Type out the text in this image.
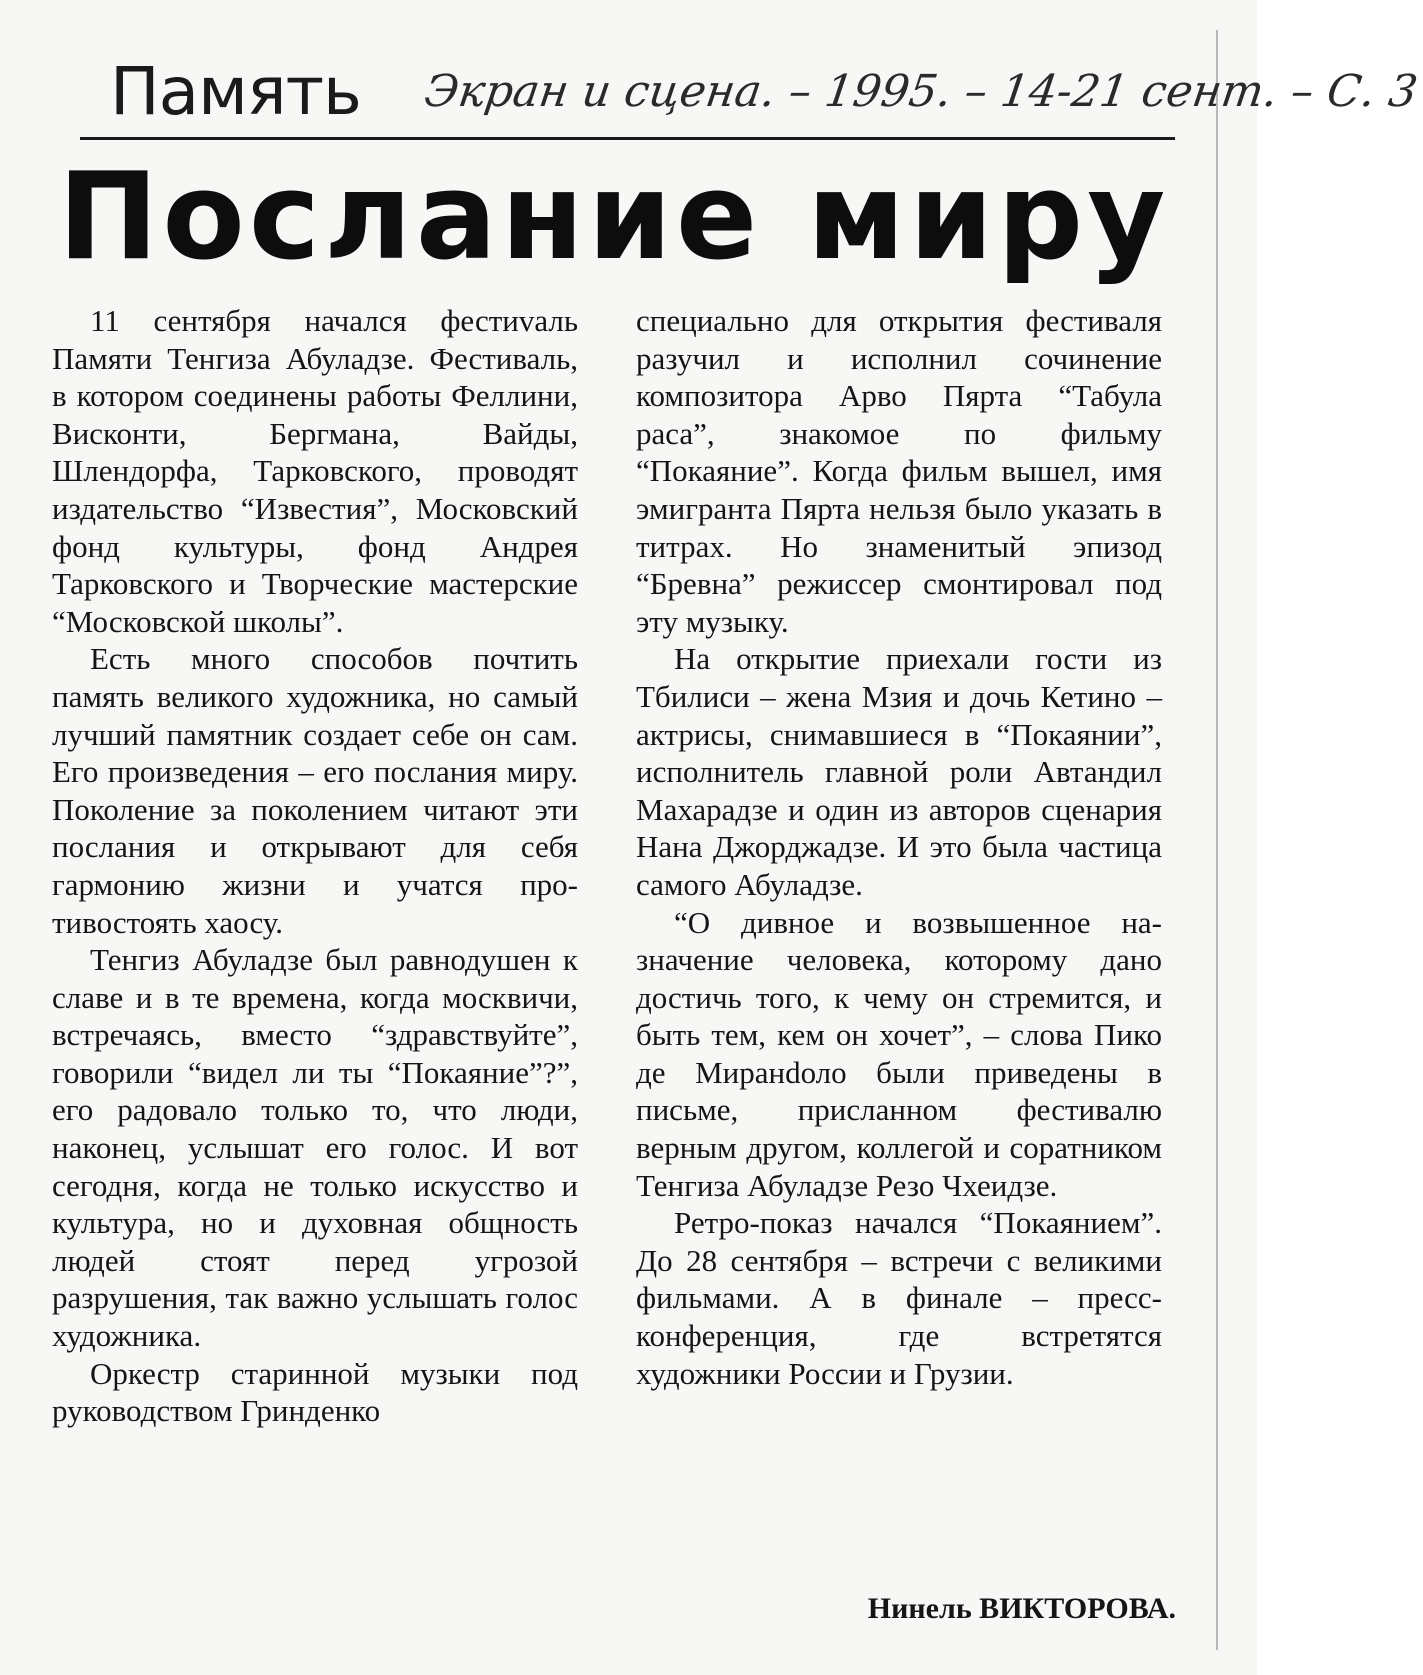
Память Экран и сцена. – 1995. – 14-21 сент. – С. 3
Послание миру

11 сентября начался фестиvаль Памяти Тенгиза Абуладзе. Фестиваль, в котором соединены работы Феллини, Висконти, Бергмана, Вайды, Шлендорфа, Тарковского, проводят издательство “Известия”, Московский фонд культуры, фонд Андрея Тарковского и Творческие мастерские “Московской школы”.

Есть много способов почтить память великого художника, но самый лучший памятник создает себе он сам. Его произведения – его послания миру. Поколение за поколением читают эти послания и открывают для себя гармонию жизни и учатся противостоять хаосу.

Тенгиз Абуладзе был равнодушен к славе и в те времена, когда москвичи, встречаясь, вместо “здравствуйте”, говорили “видел ли ты “Покаяние”?”, его радовало только то, что люди, наконец, услышат его голос. И вот сегодня, когда не только искусство и культура, но и духовная общность людей стоят перед угрозой разрушения, так важно услышать голос художника.

Оркестр старинной музыки под руководством Гринденко

специально для открытия фестиваля разучил и исполнил сочинение композитора Арво Пярта “Табула раса”, знакомое по фильму “Покаяние”. Когда фильм вышел, имя эмигранта Пярта нельзя было указать в титрах. Но знаменитый эпизод “Бревна” режиссер смонтировал под эту музыку.

На открытие приехали гости из Тбилиси – жена Мзия и дочь Кетино – актрисы, снимавшиеся в “Покаянии”, исполнитель главной роли Автандил Махарадзе и один из авторов сценария Нана Джорджадзе. И это была частица самого Абуладзе.

“О дивное и возвышенное назначение человека, которому дано достичь того, к чему он стремится, и быть тем, кем он хочет”, – слова Пико де Миранdоло были приведены в письме, присланном фестивалю верным другом, коллегой и соратником Тенгиза Абуладзе Резо Чхеидзе.

Ретро-показ начался “Покаянием”. До 28 сентября – встречи с великими фильмами. А в финале – пресс-конференция, где встретятся художники России и Грузии.

Нинель ВИКТОРОВА.
